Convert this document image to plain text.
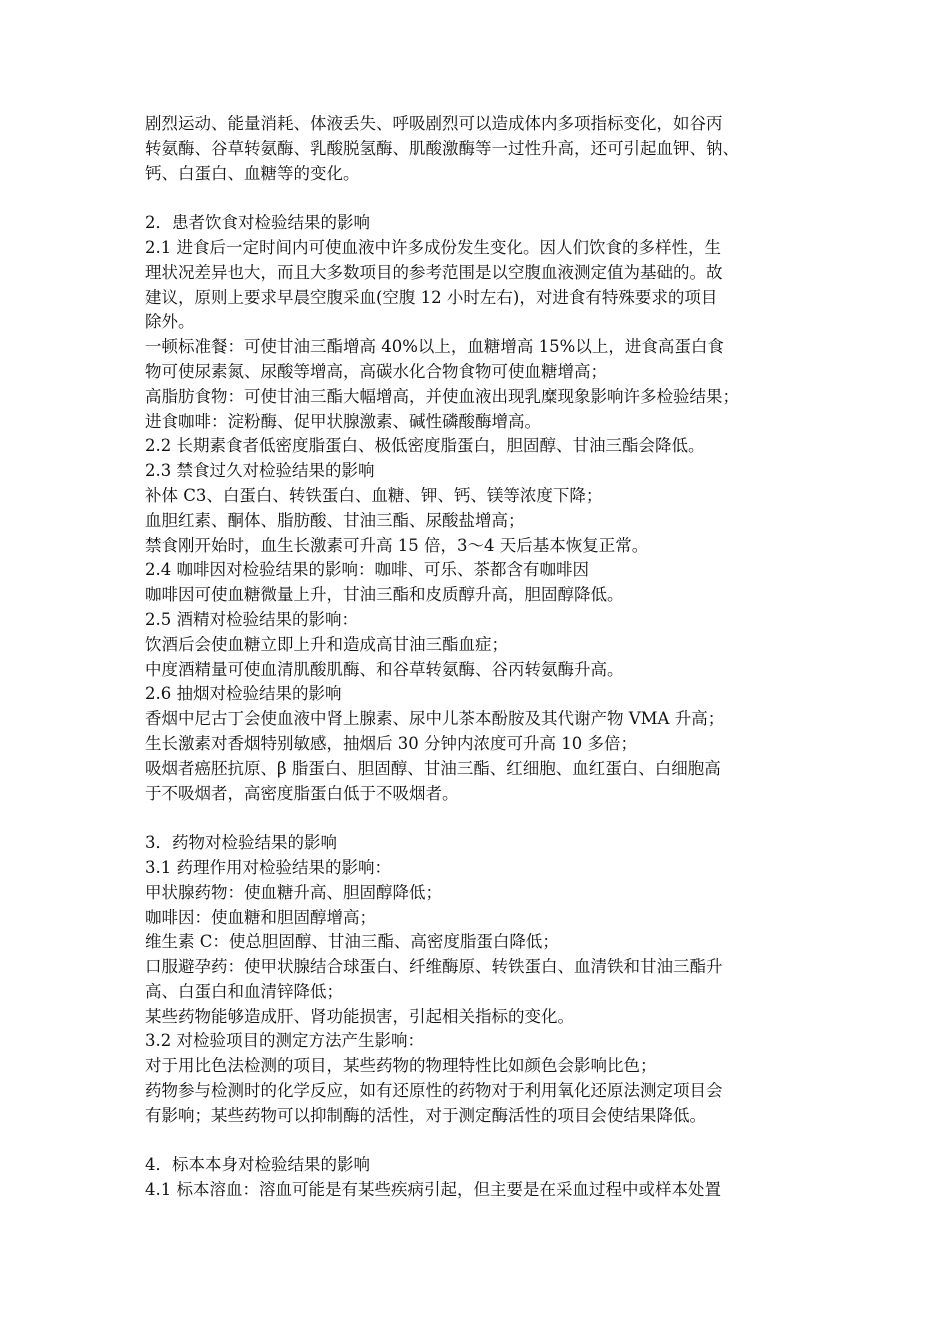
剧烈运动、能量消耗、体液丢失、呼吸剧烈可以造成体内多项指标变化，如谷丙
转氨酶、谷草转氨酶、乳酸脱氢酶、肌酸激酶等一过性升高，还可引起血钾、钠、
钙、白蛋白、血糖等的变化。
2．患者饮食对检验结果的影响
2.1 进食后一定时间内可使血液中许多成份发生变化。因人们饮食的多样性，生
理状况差异也大，而且大多数项目的参考范围是以空腹血液测定值为基础的。故
建议，原则上要求早晨空腹采血(空腹 12 小时左右)，对进食有特殊要求的项目
除外。
一顿标准餐：可使甘油三酯增高 40%以上，血糖增高 15%以上，进食高蛋白食
物可使尿素氮、尿酸等增高，高碳水化合物食物可使血糖增高；
高脂肪食物：可使甘油三酯大幅增高，并使血液出现乳糜现象影响许多检验结果；
进食咖啡：淀粉酶、促甲状腺激素、碱性磷酸酶增高。
2.2 长期素食者低密度脂蛋白、极低密度脂蛋白，胆固醇、甘油三酯会降低。
2.3 禁食过久对检验结果的影响
补体 C3、白蛋白、转铁蛋白、血糖、钾、钙、镁等浓度下降；
血胆红素、酮体、脂肪酸、甘油三酯、尿酸盐增高；
禁食刚开始时，血生长激素可升高 15 倍，3～4 天后基本恢复正常。
2.4 咖啡因对检验结果的影响：咖啡、可乐、茶都含有咖啡因
咖啡因可使血糖微量上升，甘油三酯和皮质醇升高，胆固醇降低。
2.5 酒精对检验结果的影响：
饮酒后会使血糖立即上升和造成高甘油三酯血症；
中度酒精量可使血清肌酸肌酶、和谷草转氨酶、谷丙转氨酶升高。
2.6 抽烟对检验结果的影响
香烟中尼古丁会使血液中肾上腺素、尿中儿茶本酚胺及其代谢产物 VMA 升高；
生长激素对香烟特别敏感，抽烟后 30 分钟内浓度可升高 10 多倍；
吸烟者癌胚抗原、β 脂蛋白、胆固醇、甘油三酯、红细胞、血红蛋白、白细胞高
于不吸烟者，高密度脂蛋白低于不吸烟者。
3．药物对检验结果的影响
3.1 药理作用对检验结果的影响：
甲状腺药物：使血糖升高、胆固醇降低；
咖啡因：使血糖和胆固醇增高；
维生素 C：使总胆固醇、甘油三酯、高密度脂蛋白降低；
口服避孕药：使甲状腺结合球蛋白、纤维酶原、转铁蛋白、血清铁和甘油三酯升
高、白蛋白和血清锌降低；
某些药物能够造成肝、肾功能损害，引起相关指标的变化。
3.2 对检验项目的测定方法产生影响：
对于用比色法检测的项目，某些药物的物理特性比如颜色会影响比色；
药物参与检测时的化学反应，如有还原性的药物对于利用氧化还原法测定项目会
有影响；某些药物可以抑制酶的活性，对于测定酶活性的项目会使结果降低。
4．标本本身对检验结果的影响
4.1 标本溶血：溶血可能是有某些疾病引起，但主要是在采血过程中或样本处置
